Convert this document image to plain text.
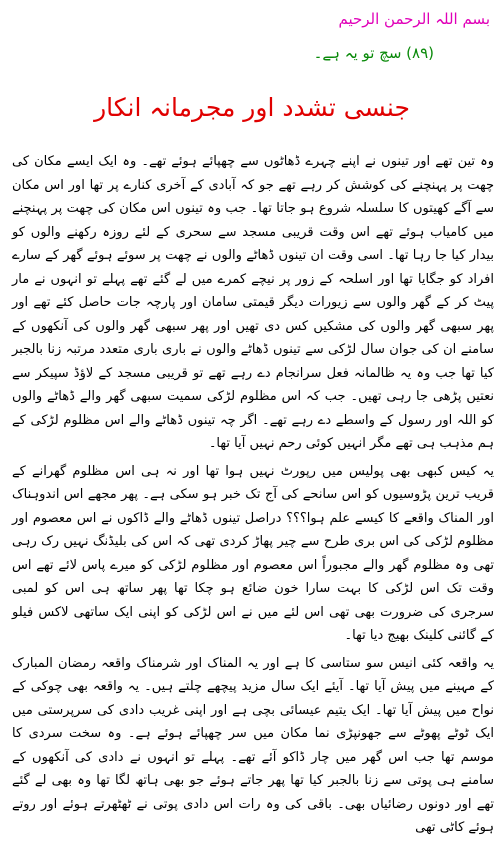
بسم اللہ الرحمن الرحیم
(۸۹) سچ تو یہ ہے۔
جنسی تشدد اور مجرمانہ انکار

وہ تین تھے اور تینوں نے اپنے چہرے ڈھاٹوں سے چھپائے ہوئے تھے۔ وہ ایک ایسے مکان کی چھت پر پہنچنے کی کوشش کر رہے تھے جو کہ آبادی کے آخری کنارے پر تھا اور اس مکان سے آگے کھیتوں کا سلسلہ شروع ہو جاتا تھا۔ جب وہ تینوں اس مکان کی چھت پر پہنچنے میں کامیاب ہوئے تھے اس وقت قریبی مسجد سے سحری کے لئے روزہ رکھنے والوں کو بیدار کیا جا رہا تھا۔ اسی وقت ان تینوں ڈھاٹے والوں نے چھت پر سوئے ہوئے گھر کے سارے افراد کو جگایا تھا اور اسلحہ کے زور پر نیچے کمرے میں لے گئے تھے پہلے تو انہوں نے مار پیٹ کر کے گھر والوں سے زیورات دیگر قیمتی سامان اور پارچہ جات حاصل کئے تھے اور پھر سبھی گھر والوں کی مشکیں کس دی تھیں اور پھر سبھی گھر والوں کی آنکھوں کے سامنے ان کی جوان سال لڑکی سے تینوں ڈھاٹے والوں نے باری باری متعدد مرتبہ زنا بالجبر کیا تھا جب وہ یہ ظالمانہ فعل سرانجام دے رہے تھے تو قریبی مسجد کے لاؤڈ سپیکر سے نعتیں پڑھی جا رہی تھیں۔ جب کہ اس مظلوم لڑکی سمیت سبھی گھر والے ڈھاٹے والوں کو اللہ اور رسول کے واسطے دے رہے تھے۔ اگر چہ تینوں ڈھاٹے والے اس مظلوم لڑکی کے ہم مذہب ہی تھے مگر انہیں کوئی رحم نہیں آیا تھا۔

یہ کیس کبھی بھی پولیس میں رپورٹ نہیں ہوا تھا اور نہ ہی اس مظلوم گھرانے کے قریب ترین پڑوسیوں کو اس سانحے کی آج تک خبر ہو سکی ہے۔ پھر مجھے اس اندوہناک اور المناک واقعے کا کیسے علم ہوا؟؟؟ دراصل تینوں ڈھاٹے والے ڈاکوں نے اس معصوم اور مظلوم لڑکی کی اس بری طرح سے چیر پھاڑ کردی تھی کہ اس کی بلیڈنگ نہیں رک رہی تھی وہ مظلوم گھر والے مجبوراً اس معصوم اور مظلوم لڑکی کو میرے پاس لائے تھے اس وقت تک اس لڑکی کا بہت سارا خون ضائع ہو چکا تھا پھر ساتھ ہی اس کو لمبی سرجری کی ضرورت بھی تھی اس لئے میں نے اس لڑکی کو اپنی ایک ساتھی لاکس فیلو کے گائنی کلینک بھیج دیا تھا۔

یہ واقعہ کئی انیس سو ستاسی کا ہے اور یہ المناک اور شرمناک واقعہ رمضان المبارک کے مہینے میں پیش آیا تھا۔ آیئے ایک سال مزید پیچھے چلتے ہیں۔ یہ واقعہ بھی چوکی کے نواح میں پیش آیا تھا۔ ایک یتیم عیسائی بچی ہے اور اپنی غریب دادی کی سرپرستی میں ایک ٹوٹے پھوٹے سے جھونپڑی نما مکان میں سر چھپائے ہوئے ہے۔ وہ سخت سردی کا موسم تھا جب اس گھر میں چار ڈاکو آئے تھے۔ پہلے تو انہوں نے دادی کی آنکھوں کے سامنے ہی پوتی سے زنا بالجبر کیا تھا پھر جاتے ہوئے جو بھی ہاتھ لگا تھا وہ بھی لے گئے تھے اور دونوں رضائیاں بھی۔ باقی کی وہ رات اس دادی پوتی نے ٹھٹھرتے ہوئے اور روتے ہوئے کاٹی تھی
